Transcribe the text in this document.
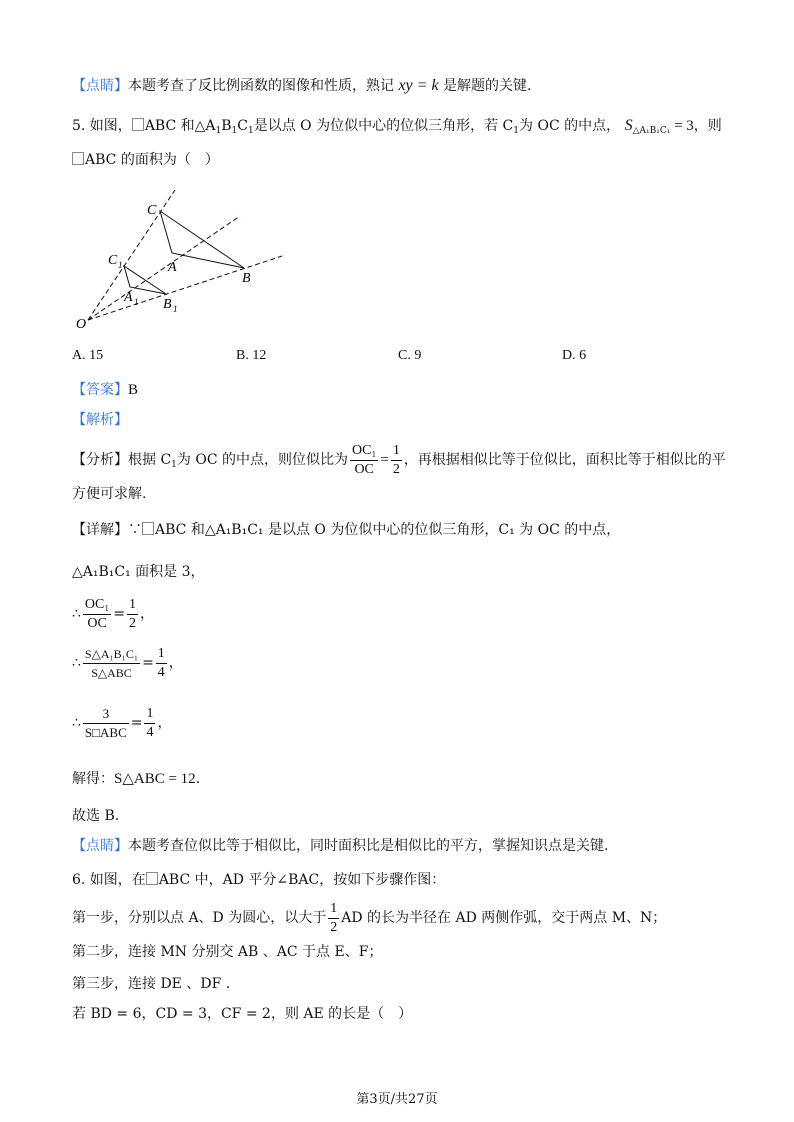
【点睛】本题考查了反比例函数的图像和性质，熟记 xy = k 是解题的关键.
5. 如图， ABC 和$\triangle A_1B_1C_1$是以点 O 为位似中心的位似三角形，若 $C_1$为 OC 的中点， $S_{\triangle A_1B_1C_1} = 3$，则
ABC 的面积为（　）
C
A
B
C 1
A 1 B 1
O
A. 15	B. 12	C. 9	D. 6
【答案】B
【解析】
【分析】根据 $C_1$为 OC 的中点，则位似比为 $\frac{\text{OC₁}}{OC} = \frac{1}{2}$ ，再根据相似比等于位似比，面积比等于相似比的平
方便可求解.
【详解】∵ ABC 和△A₁B₁C₁ 是以点 O 为位似中心的位似三角形，C₁ 为 OC 的中点，
△A₁B₁C₁ 面积是 3，
∴ $\frac{\text{OC₁}}{OC} = \frac{1}{2}$ ，
∴ $\frac{\text{S△A₁B₁C₁}}{\text{S△ABC}} = \frac{1}{4}$ ，
∴ $\frac{3}{\text{S□ABC}} = \frac{1}{4}$ ，
解得：S△ABC = 12.
故选 B.
【点睛】本题考查位似比等于相似比，同时面积比是相似比的平方，掌握知识点是关键.
6. 如图，在 ABC 中，AD 平分∠BAC，按如下步骤作图：
第一步，分别以点 A、D 为圆心，以大于 $\frac{1}{2}$ AD 的长为半径在 AD 两侧作弧，交于两点 M、N；
第二步，连接 MN 分别交 AB 、AC 于点 E、F；
第三步，连接 DE 、DF .
若 BD = 6，CD = 3，CF = 2，则 AE 的长是（　）
第3页/共27页
